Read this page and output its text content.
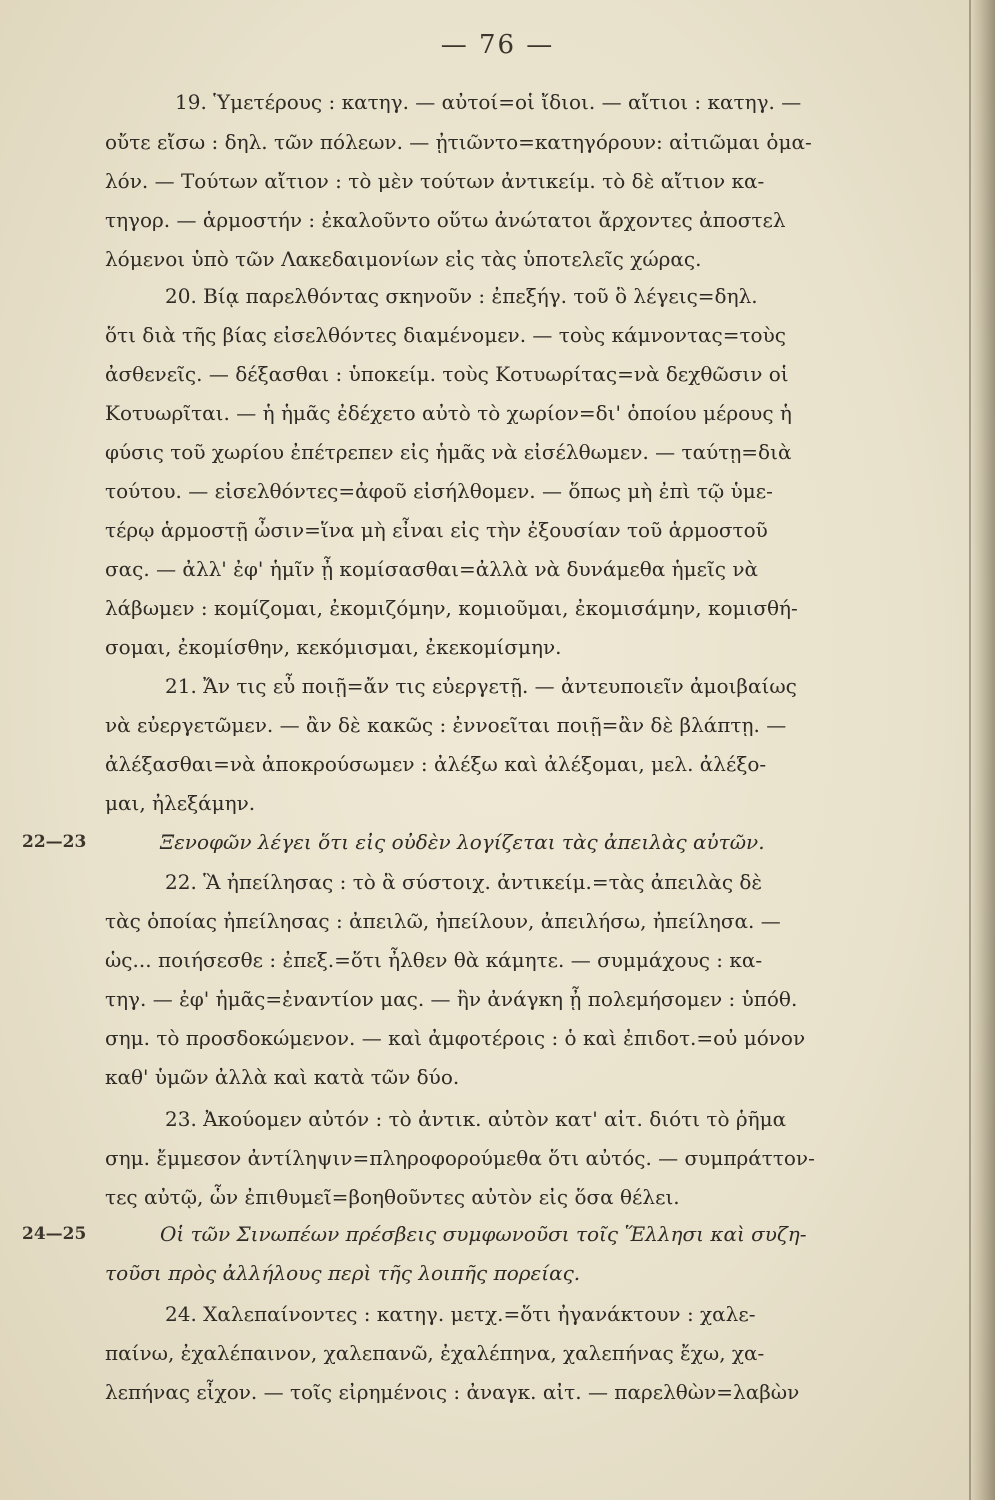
— 76 —
19. Ὑμετέρους : κατηγ. — αὐτοί=οἱ ἴδιοι. — αἴτιοι : κατηγ. —
οὔτε εἴσω : δηλ. τῶν πόλεων. — ᾐτιῶντο=κατηγόρουν: αἰτιῶμαι ὁμα-
λόν. — Τούτων αἴτιον : τὸ μὲν τούτων ἀντικείμ. τὸ δὲ αἴτιον κα-
τηγορ. — ἁρμοστήν : ἐκαλοῦντο οὕτω ἀνώτατοι ἄρχοντες ἀποστελ
λόμενοι ὑπὸ τῶν Λακεδαιμονίων εἰς τὰς ὑποτελεῖς χώρας.
20. Βίᾳ παρελθόντας σκηνοῦν : ἐπεξήγ. τοῦ ὃ λέγεις=δηλ.
ὅτι διὰ τῆς βίας εἰσελθόντες διαμένομεν. — τοὺς κάμνοντας=τοὺς
ἀσθενεῖς. — δέξασθαι : ὑποκείμ. τοὺς Κοτυωρίτας=νὰ δεχθῶσιν οἱ
Κοτυωρῖται. — ἡ ἡμᾶς ἐδέχετο αὐτὸ τὸ χωρίον=δι' ὁποίου μέρους ἡ
φύσις τοῦ χωρίου ἐπέτρεπεν εἰς ἡμᾶς νὰ εἰσέλθωμεν. — ταύτῃ=διὰ
τούτου. — εἰσελθόντες=ἀφοῦ εἰσήλθομεν. — ὅπως μὴ ἐπὶ τῷ ὑμε-
τέρῳ ἁρμοστῇ ὦσιν=ἵνα μὴ εἶναι εἰς τὴν ἐξουσίαν τοῦ ἁρμοστοῦ
σας. — ἀλλ' ἐφ' ἡμῖν ᾖ κομίσασθαι=ἀλλὰ νὰ δυνάμεθα ἡμεῖς νὰ
λάβωμεν : κομίζομαι, ἐκομιζόμην, κομιοῦμαι, ἐκομισάμην, κομισθή-
σομαι, ἐκομίσθην, κεκόμισμαι, ἐκεκομίσμην.
21. Ἄν τις εὖ ποιῇ=ἄν τις εὐεργετῇ. — ἀντευποιεῖν ἀμοιβαίως
νὰ εὐεργετῶμεν. — ἂν δὲ κακῶς : ἐννοεῖται ποιῇ=ἂν δὲ βλάπτῃ. —
ἀλέξασθαι=νὰ ἀποκρούσωμεν : ἀλέξω καὶ ἀλέξομαι, μελ. ἀλέξο-
μαι, ἠλεξάμην.
22—23	Ξενοφῶν λέγει ὅτι εἰς οὐδὲν λογίζεται τὰς ἀπειλὰς αὐτῶν.
22. Ἃ ἠπείλησας : τὸ ἃ σύστοιχ. ἀντικείμ.=τὰς ἀπειλὰς δὲ
τὰς ὁποίας ἠπείλησας : ἀπειλῶ, ἠπείλουν, ἀπειλήσω, ἠπείλησα. —
ὡς... ποιήσεσθε : ἐπεξ.=ὅτι ἦλθεν θὰ κάμητε. — συμμάχους : κα-
τηγ. — ἐφ' ἡμᾶς=ἐναντίον μας. — ἢν ἀνάγκη ᾖ πολεμήσομεν : ὑπόθ.
σημ. τὸ προσδοκώμενον. — καὶ ἀμφοτέροις : ὁ καὶ ἐπιδοτ.=οὐ μόνον
καθ' ὑμῶν ἀλλὰ καὶ κατὰ τῶν δύο.
23. Ἀκούομεν αὐτόν : τὸ ἀντικ. αὐτὸν κατ' αἰτ. διότι τὸ ῥῆμα
σημ. ἔμμεσον ἀντίληψιν=πληροφορούμεθα ὅτι αὐτός. — συμπράττον-
τες αὐτῷ, ὧν ἐπιθυμεῖ=βοηθοῦντες αὐτὸν εἰς ὅσα θέλει.
24—25	Οἱ τῶν Σινωπέων πρέσβεις συμφωνοῦσι τοῖς Ἕλλησι καὶ συζη-
τοῦσι πρὸς ἀλλήλους περὶ τῆς λοιπῆς πορείας.
24. Χαλεπαίνοντες : κατηγ. μετχ.=ὅτι ἠγανάκτουν : χαλε-
παίνω, ἐχαλέπαινον, χαλεπανῶ, ἐχαλέπηνα, χαλεπήνας ἔχω, χα-
λεπήνας εἶχον. — τοῖς εἰρημένοις : ἀναγκ. αἰτ. — παρελθὼν=λαβὼν
